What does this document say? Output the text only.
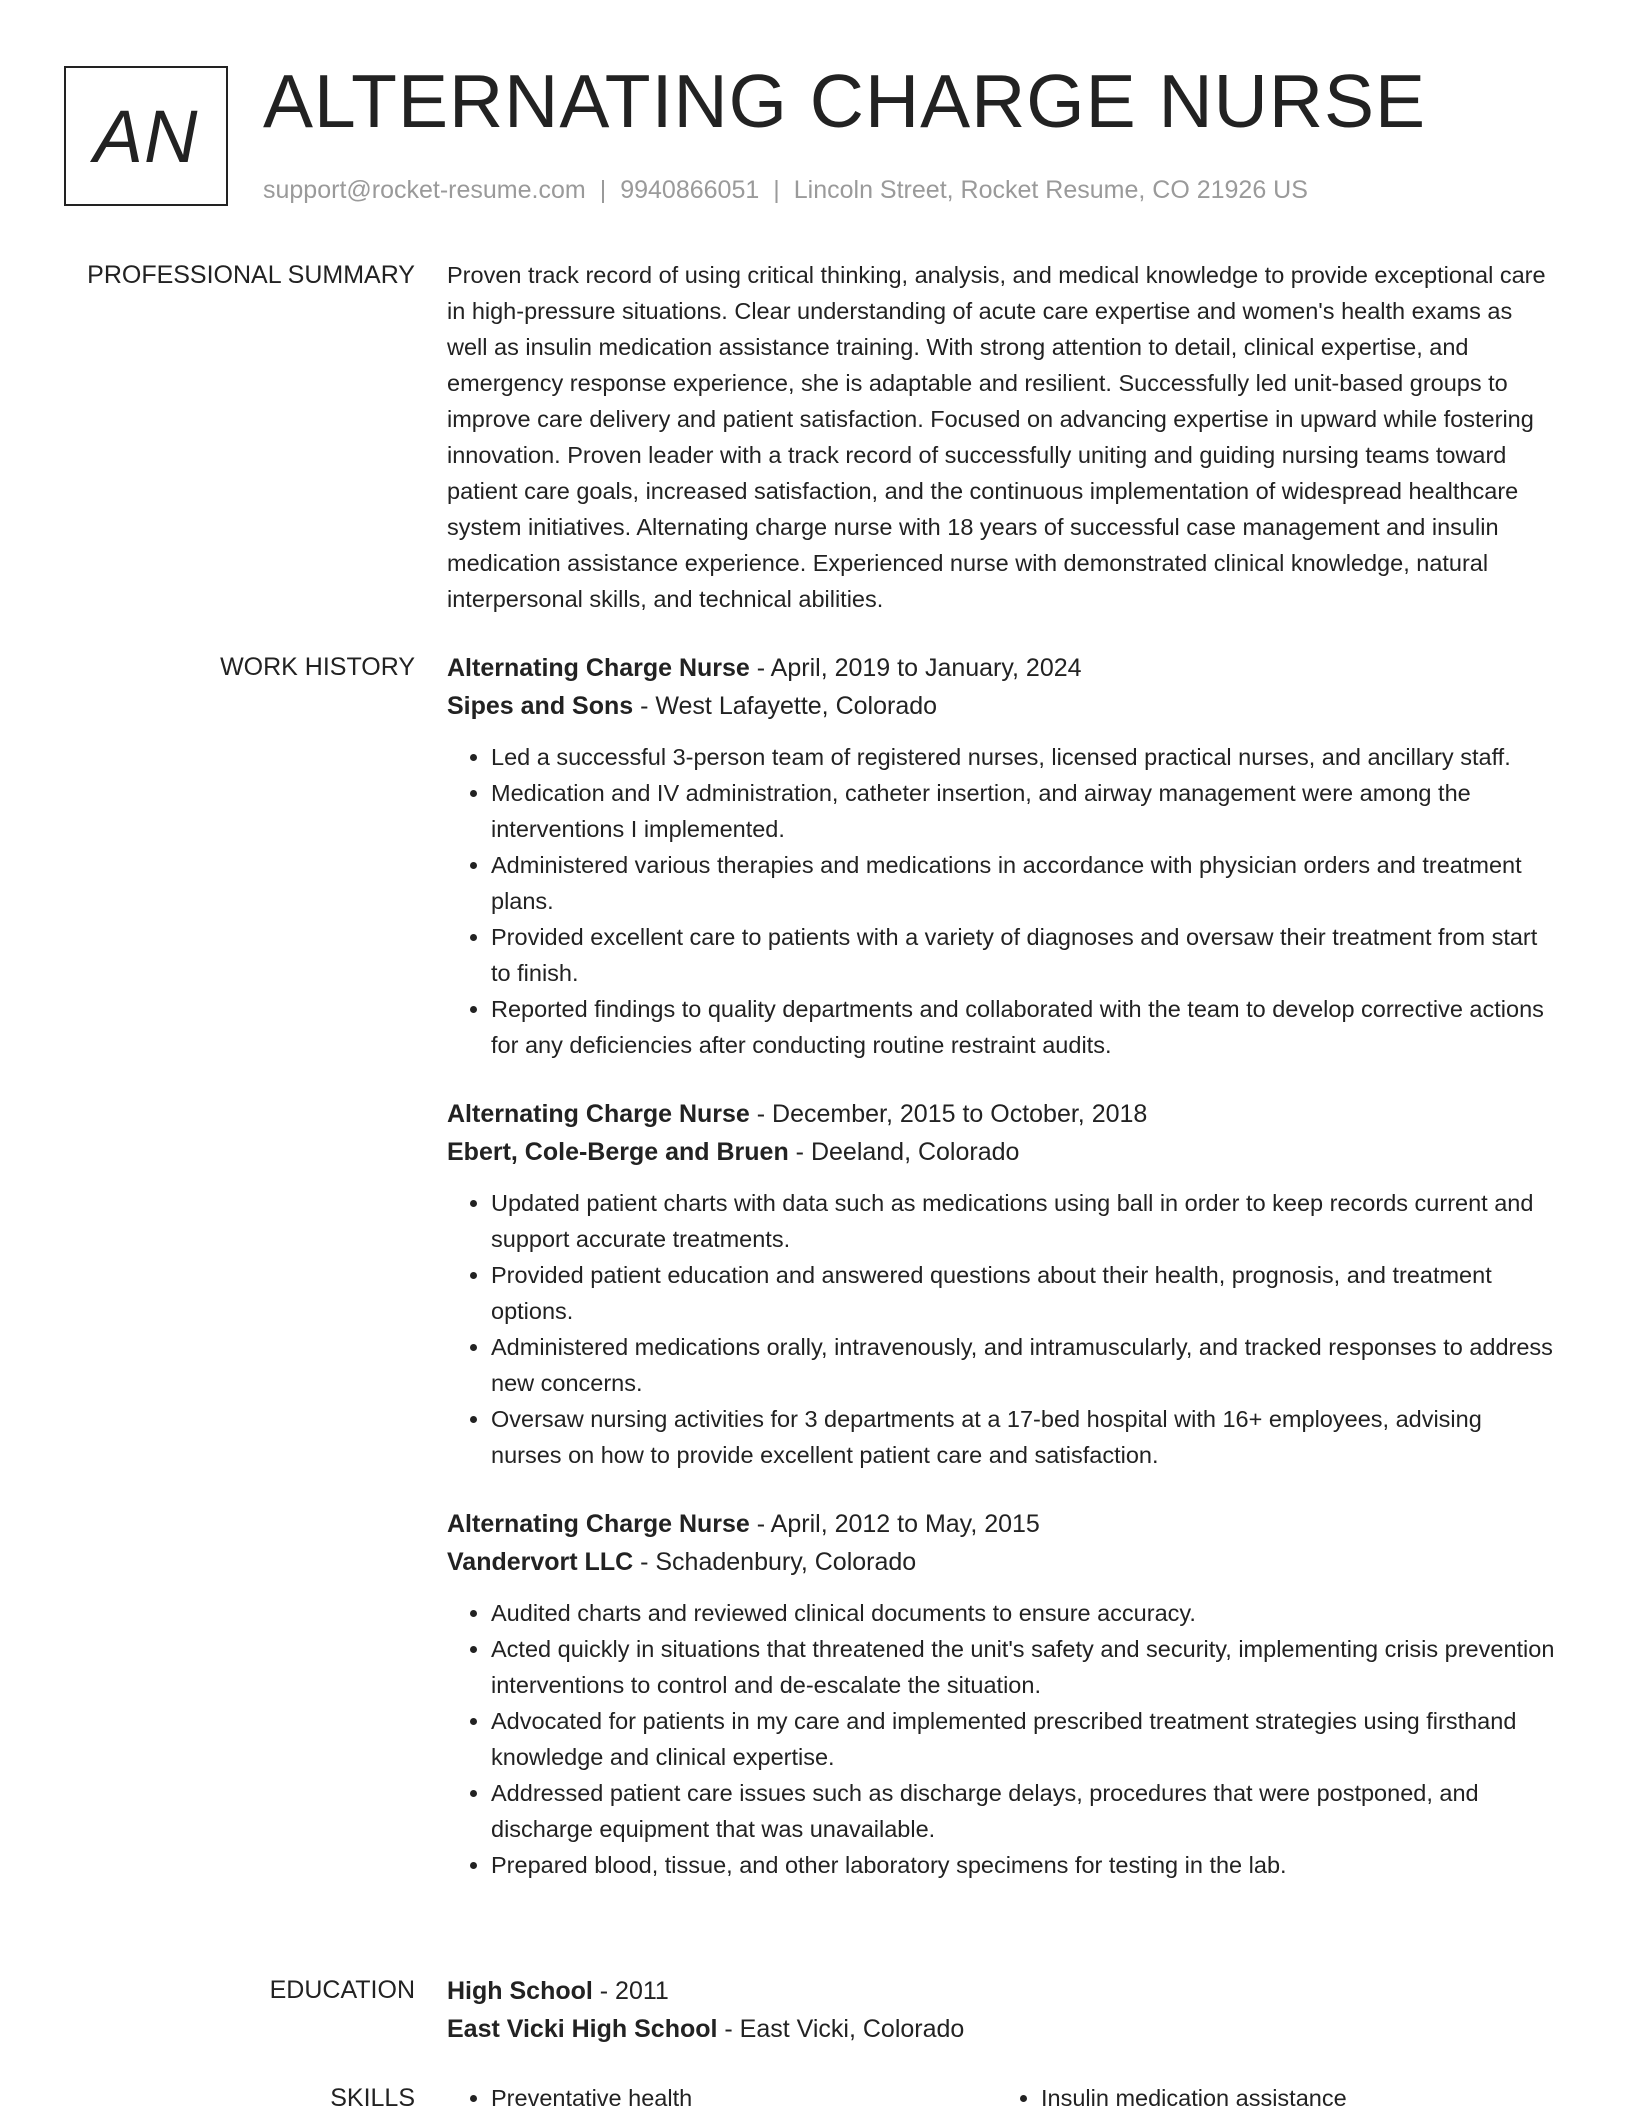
AN ALTERNATING CHARGE NURSE
support@rocket-resume.com | 9940866051 | Lincoln Street, Rocket Resume, CO 21926 US
PROFESSIONAL SUMMARY Proven track record of using critical thinking, analysis, and medical knowledge to provide exceptional care in high-pressure situations. Clear understanding of acute care expertise and women's health exams as well as insulin medication assistance training. With strong attention to detail, clinical expertise, and emergency response experience, she is adaptable and resilient. Successfully led unit-based groups to improve care delivery and patient satisfaction. Focused on advancing expertise in upward while fostering innovation. Proven leader with a track record of successfully uniting and guiding nursing teams toward patient care goals, increased satisfaction, and the continuous implementation of widespread healthcare system initiatives. Alternating charge nurse with 18 years of successful case management and insulin medication assistance experience. Experienced nurse with demonstrated clinical knowledge, natural interpersonal skills, and technical abilities.

WORK HISTORY Alternating Charge Nurse - April, 2019 to January, 2024
Sipes and Sons - West Lafayette, Colorado
• Led a successful 3-person team of registered nurses, licensed practical nurses, and ancillary staff.
• Medication and IV administration, catheter insertion, and airway management were among the interventions I implemented.
• Administered various therapies and medications in accordance with physician orders and treatment plans.
• Provided excellent care to patients with a variety of diagnoses and oversaw their treatment from start to finish.
• Reported findings to quality departments and collaborated with the team to develop corrective actions for any deficiencies after conducting routine restraint audits.
Alternating Charge Nurse - December, 2015 to October, 2018
Ebert, Cole-Berge and Bruen - Deeland, Colorado
• Updated patient charts with data such as medications using ball in order to keep records current and support accurate treatments.
• Provided patient education and answered questions about their health, prognosis, and treatment options.
• Administered medications orally, intravenously, and intramuscularly, and tracked responses to address new concerns.
• Oversaw nursing activities for 3 departments at a 17-bed hospital with 16+ employees, advising nurses on how to provide excellent patient care and satisfaction.
Alternating Charge Nurse - April, 2012 to May, 2015
Vandervort LLC - Schadenbury, Colorado
• Audited charts and reviewed clinical documents to ensure accuracy.
• Acted quickly in situations that threatened the unit's safety and security, implementing crisis prevention interventions to control and de-escalate the situation.
• Advocated for patients in my care and implemented prescribed treatment strategies using firsthand knowledge and clinical expertise.
• Addressed patient care issues such as discharge delays, procedures that were postponed, and discharge equipment that was unavailable.
• Prepared blood, tissue, and other laboratory specimens for testing in the lab.
EDUCATION High School - 2011
East Vicki High School - East Vicki, Colorado
SKILLS	• Preventative health	• Insulin medication assistance
